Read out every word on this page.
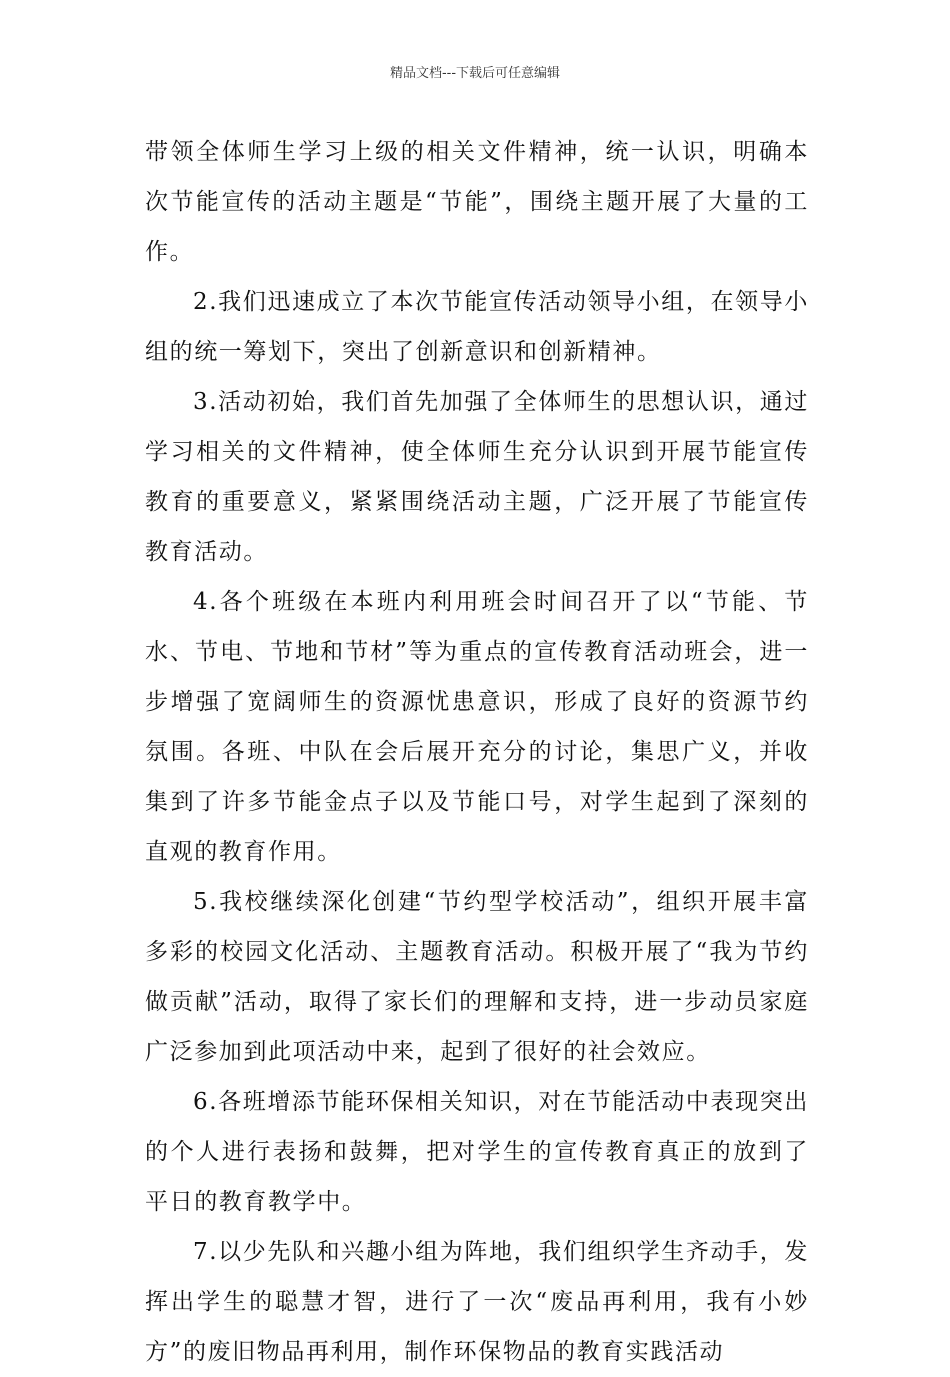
精品文档---下载后可任意编辑

带领全体师生学习上级的相关文件精神，统一认识，明确本次节能宣传的活动主题是“节能”，围绕主题开展了大量的工作。

2.我们迅速成立了本次节能宣传活动领导小组，在领导小组的统一筹划下，突出了创新意识和创新精神。

3.活动初始，我们首先加强了全体师生的思想认识，通过学习相关的文件精神，使全体师生充分认识到开展节能宣传教育的重要意义，紧紧围绕活动主题，广泛开展了节能宣传教育活动。

4.各个班级在本班内利用班会时间召开了以“节能、节水、节电、节地和节材”等为重点的宣传教育活动班会，进一步增强了宽阔师生的资源忧患意识，形成了良好的资源节约氛围。各班、中队在会后展开充分的讨论，集思广义，并收集到了许多节能金点子以及节能口号，对学生起到了深刻的直观的教育作用。

5.我校继续深化创建“节约型学校活动”，组织开展丰富多彩的校园文化活动、主题教育活动。积极开展了“我为节约做贡献”活动，取得了家长们的理解和支持，进一步动员家庭广泛参加到此项活动中来，起到了很好的社会效应。

6.各班增添节能环保相关知识，对在节能活动中表现突出的个人进行表扬和鼓舞，把对学生的宣传教育真正的放到了平日的教育教学中。

7.以少先队和兴趣小组为阵地，我们组织学生齐动手，发挥出学生的聪慧才智，进行了一次“废品再利用，我有小妙方”的废旧物品再利用，制作环保物品的教育实践活动
